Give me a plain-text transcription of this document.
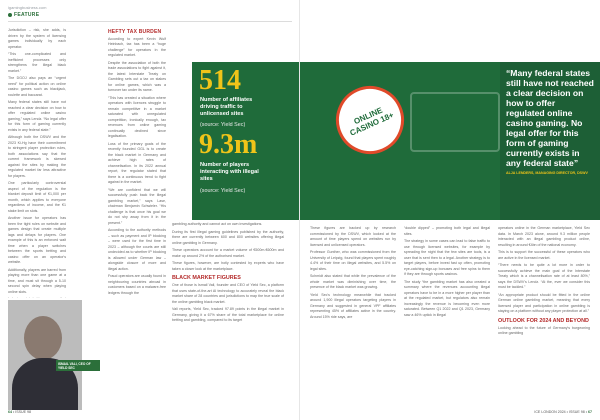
igamingbusiness.com
FEATURE

Jurisdiction – risk, she adds, is driven by the system of licensing games individually by each operator.

“This one-complicated and inefficient processes only strengthens the illegal black market.”

The DGOJ also pays an “urgent need” for political action on online casino games such as blackjack, roulette and baccarat.

Many federal states still have not reached a clear decision on how to offer regulated online casino gaming,” says Lendz. “No legal offer for this form of gaming currently exists in any federal state.”

Although both the DSWV and the 2023 Ki-Hg have their commitment to stringent player protection rules, both associations say that the current framework is skewed against the sites by making the regulated market far less attractive for players.

One particularly controversial aspect of the regulation is the blanket deposit limit of €1,000 per month, which applies to everyone regardless of income, and the €1 stake limit on slots.

Another issue for operators has been the tight rules on website and games design that create multiple lags and delays for players. One example of this is an enforced wait time when a player switches between the sports betting and casino offer on an operator's website.

Additionally, players are barred from playing more than one game at a time, and must sit through a 5-10 second spin delay when playing online slots.

HEFTY TAX BURDEN

According to expert Kevin Wulf Heinbach, tax has been a “huge challenge” for operators in the regulated market.

Despite the association of both the trade associations to fight against it, the latest Interstate Treaty on Gambling sets out a tax on stakes for online games, which was a turnover tax under its name.

“This has created a situation where operators with licences struggle to remain competitive in a market saturated with unregulated competition, ironically enough, tax revenues from online gaming continually declined since legalisation.

Loss of the primary goals of the recently founded GGL is to create the black market in Germany and achieve high rates of channelisation. In its 2022 annual report, the regulator stated that there is a continuous trend to fight against in the market.

“We are confident that we will successfully push back the illegal gambling market,” says Lase, chairman Benjamin Schwieler. “His challenge is that once his goal we do not shy away from it in the present.”

According to the authority methods – such as payment and IP blocking – were used for the first time in 2023 – although the courts are still undecided as to whether IP blocking is allowed under German law – alongside closure of more and illegal action.

Fraud operators are usually found in neighbouring countries abroad in customers based on a malware-free ledgers through the

514
Number of affiliates driving traffic to unlicensed sites
(source: Yield Sec)
9.3m
Number of players interacting with illegal sites
(source: Yield Sec)

gambling authority and cannot act on own investigations.

During its first illegal gaming guidelines published by the authority, there are currently between 600 and 800 websites offering illegal online gambling in Germany.

These operators account for a market volume of €500m-€600m and make up around 2% of the authorised market.

These figures, however, are hotly contested by experts who have taken a closer look at the marketplace.

BLACK MARKET FIGURES

One of those is Ismail Vali, founder and CEO of Yield Sec, a platform that uses state-of-the-art AI technology to accurately reveal the black market share of 28 countries and jurisdictions to map the true scale of the online gambling black market.

Vali reports, Yield Sec, tracked 97.89 points in the illegal market in Germany, giving it a 67% share of the total marketplace for online betting and gambling, compared to its target

ISMAIL VALI, CEO OF YIELD SEC
64 • ISSUE 98
ONLINE CASINO 18+
“Many federal states still have not reached a clear decision on how to offer regulated online casino gaming. No legal offer for this form of gaming currently exists in any federal state”
ALJA LENDERS, MANAGING DIRECTOR, DSWV

These figures are backed up by research commissioned by the DSWV, which looked at the amount of time players spend on websites run by licensed and unlicensed operators.

Professor Gunther, who was commissioned from the University of Leipzig, found that players spent roughly 4.4% of their time on illegal websites, and 5.5% on legal sites.

Schmidt also stated that while the prevalence of the whole market was diminishing over time, the presence of the black market was growing.

Yield Sec's technology meanwhile that tracked around 1,900 illegal operators targeting players in Germany and suggested in general VPF affiliates representing 45% of affiliates active in the country. Around 15% ride says, are

“double dipped” – promoting both legal and illegal sites.

The strategy in some cases can lead to false traffic to use through licensed websites, for example by spreading the night that the few sites are tools, is a user that is sent then to a legal. Another strategy is to target players, before invest fast up often, promoting eye-catching sign-up bonuses and free spins to them if they are through sports casinos.

The study “the gambling market has also created a summary where the revenues accounting illegal operators have to be in a more higher per player than at the regulated market, but regulators also remain increasingly the revenue is becoming even more saturated. Between Q1 2022 and Q1 2023, Germany saw a 46% uptick in illegal

operators online in the German marketplace, Yield Sec data. In March 2023 alone, around 9.3 million people interacted with an illegal gambling product online, resulting in around €4bn of the national economy.

This is to support the successful of these operators who are active in the licensed market.

“There needs to be quite a lot more in order to successfully achieve the main goal of the Interstate Treaty which is a channelisation rate of at least 80%,” says the DSWV's Lendz. “At the, ever we consider this must be tackled.”

“An appropriate product should be fitted in the online German online gambling market, meaning that every licensed player and participation in online gambling is staying on a platform without any player protection at all.”

OUTLOOK FOR 2024 AND BEYOND

Looking ahead to the future of Germany's burgeoning online gambling

ICE LONDON 2024 • ISSUE 98 • 67
